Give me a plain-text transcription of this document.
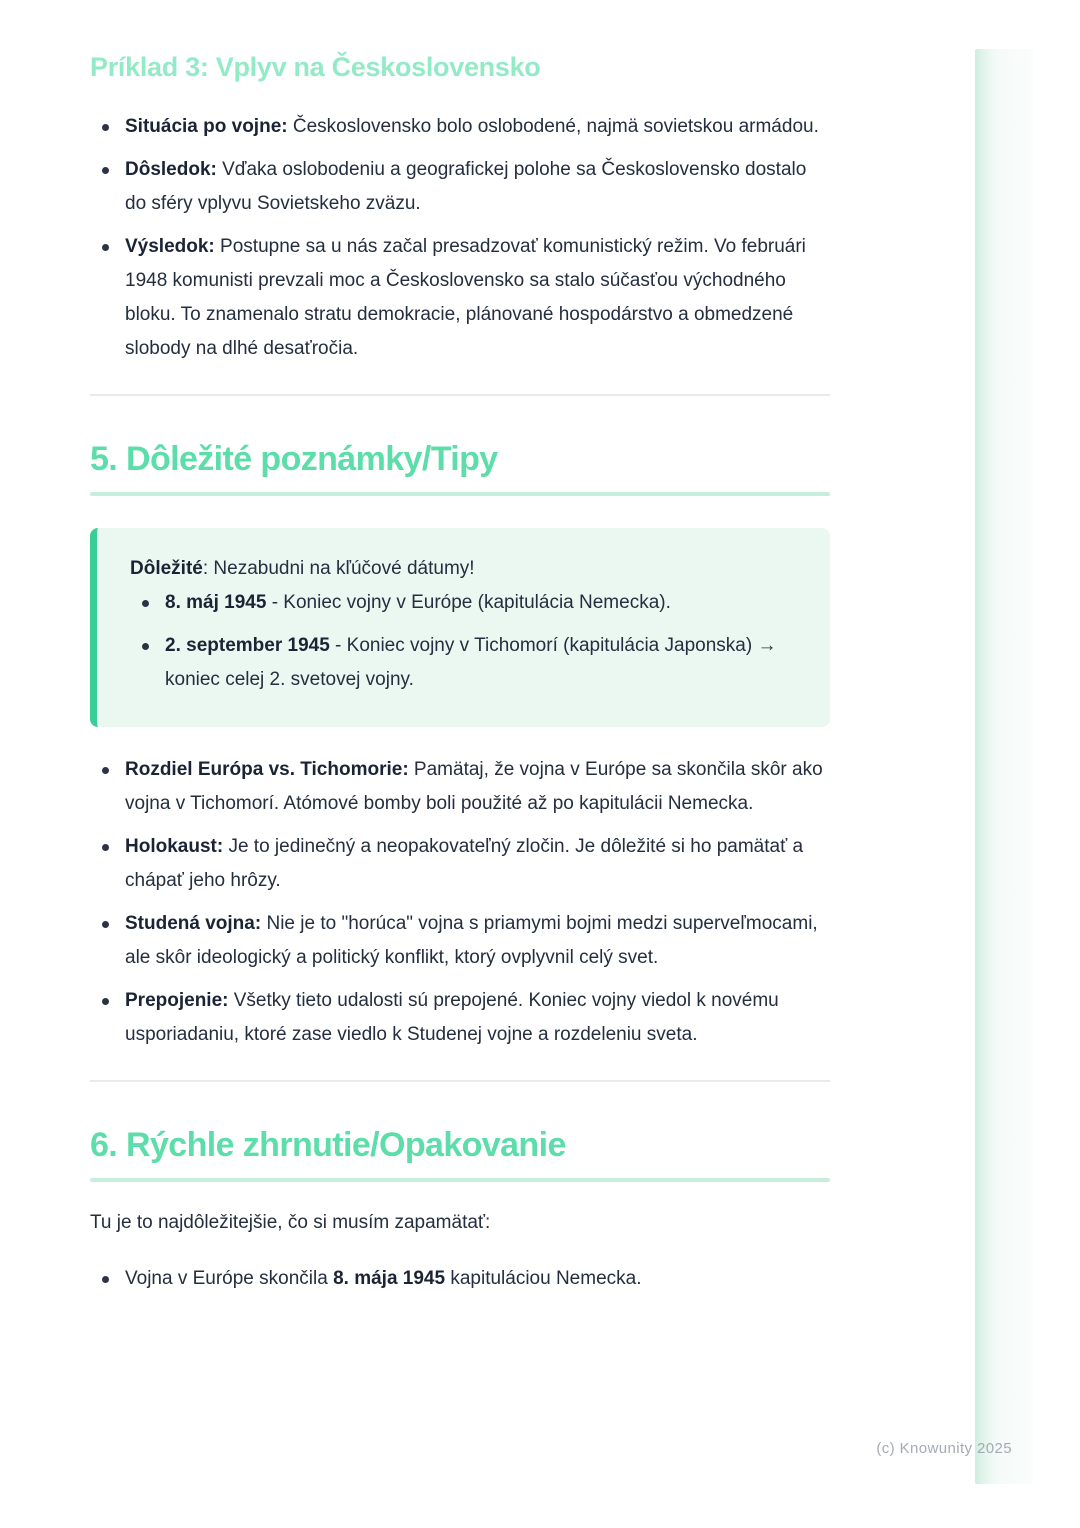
Príklad 3: Vplyv na Československo
Situácia po vojne: Československo bolo oslobodené, najmä sovietskou armádou.
Dôsledok: Vďaka oslobodeniu a geografickej polohe sa Československo dostalo do sféry vplyvu Sovietskeho zväzu.
Výsledok: Postupne sa u nás začal presadzovať komunistický režim. Vo februári 1948 komunisti prevzali moc a Československo sa stalo súčasťou východného bloku. To znamenalo stratu demokracie, plánované hospodárstvo a obmedzené slobody na dlhé desaťročia.
5. Dôležité poznámky/Tipy

Dôležité: Nezabudni na kľúčové dátumy!

8. máj 1945 - Koniec vojny v Európe (kapitulácia Nemecka).
2. september 1945 - Koniec vojny v Tichomorí (kapitulácia Japonska) → koniec celej 2. svetovej vojny.
Rozdiel Európa vs. Tichomorie: Pamätaj, že vojna v Európe sa skončila skôr ako vojna v Tichomorí. Atómové bomby boli použité až po kapitulácii Nemecka.
Holokaust: Je to jedinečný a neopakovateľný zločin. Je dôležité si ho pamätať a chápať jeho hrôzy.
Studená vojna: Nie je to "horúca" vojna s priamymi bojmi medzi superveľmocami, ale skôr ideologický a politický konflikt, ktorý ovplyvnil celý svet.
Prepojenie: Všetky tieto udalosti sú prepojené. Koniec vojny viedol k novému usporiadaniu, ktoré zase viedlo k Studenej vojne a rozdeleniu sveta.
6. Rýchle zhrnutie/Opakovanie

Tu je to najdôležitejšie, čo si musím zapamätať:

Vojna v Európe skončila 8. mája 1945 kapituláciou Nemecka.
(c) Knowunity 2025
